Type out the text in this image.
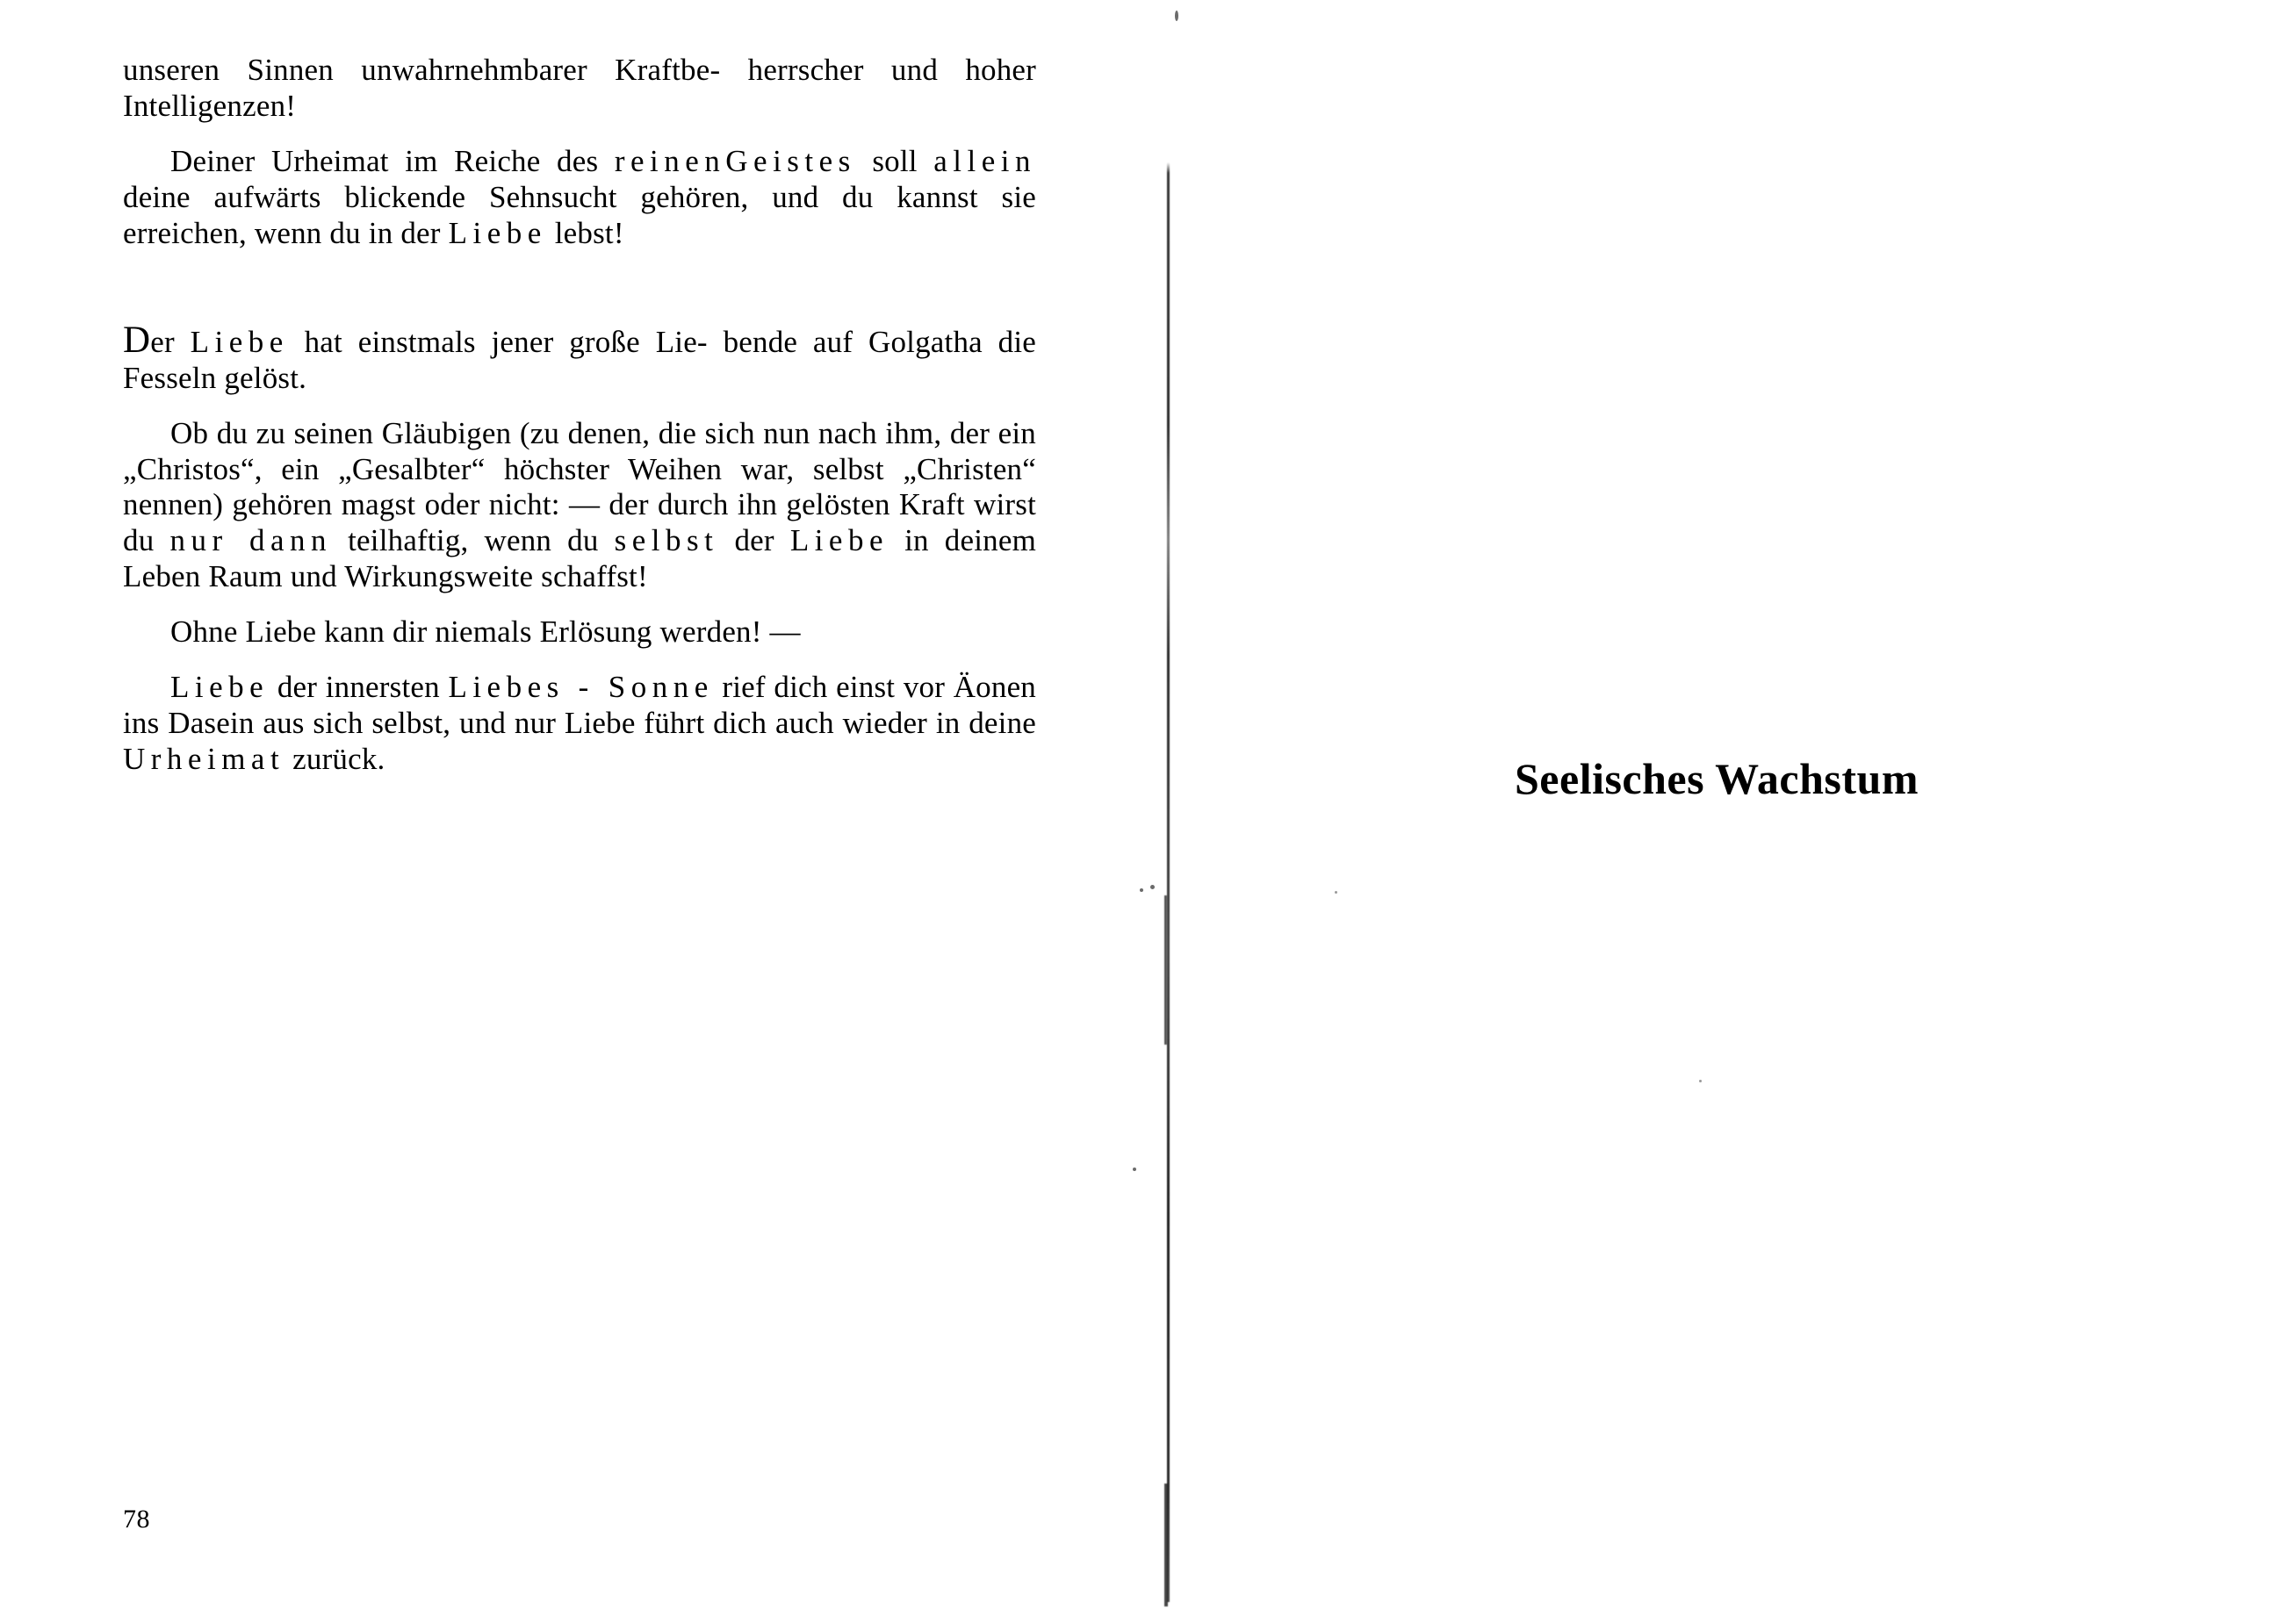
unseren Sinnen unwahrnehmbarer Kraftbe- herrscher und hoher Intelligenzen!

Deiner Urheimat im Reiche des reinenGeistes soll allein deine aufwärts blickende Sehnsucht gehören, und du kannst sie erreichen, wenn du in der Liebe lebst!

Der Liebe hat einstmals jener große Lie- bende auf Golgatha die Fesseln gelöst.

Ob du zu seinen Gläubigen (zu denen, die sich nun nach ihm, der ein „Christos“, ein „Gesalbter“ höchster Weihen war, selbst „Christen“ nennen) gehören magst oder nicht: — der durch ihn gelösten Kraft wirst du nur dann teilhaftig, wenn du selbst der Liebe in deinem Leben Raum und Wirkungsweite schaffst!

Ohne Liebe kann dir niemals Erlösung werden! —

Liebe der innersten Liebes - Sonne rief dich einst vor Äonen ins Dasein aus sich selbst, und nur Liebe führt dich auch wieder in deine Urheimat zurück.

78
Seelisches Wachstum
